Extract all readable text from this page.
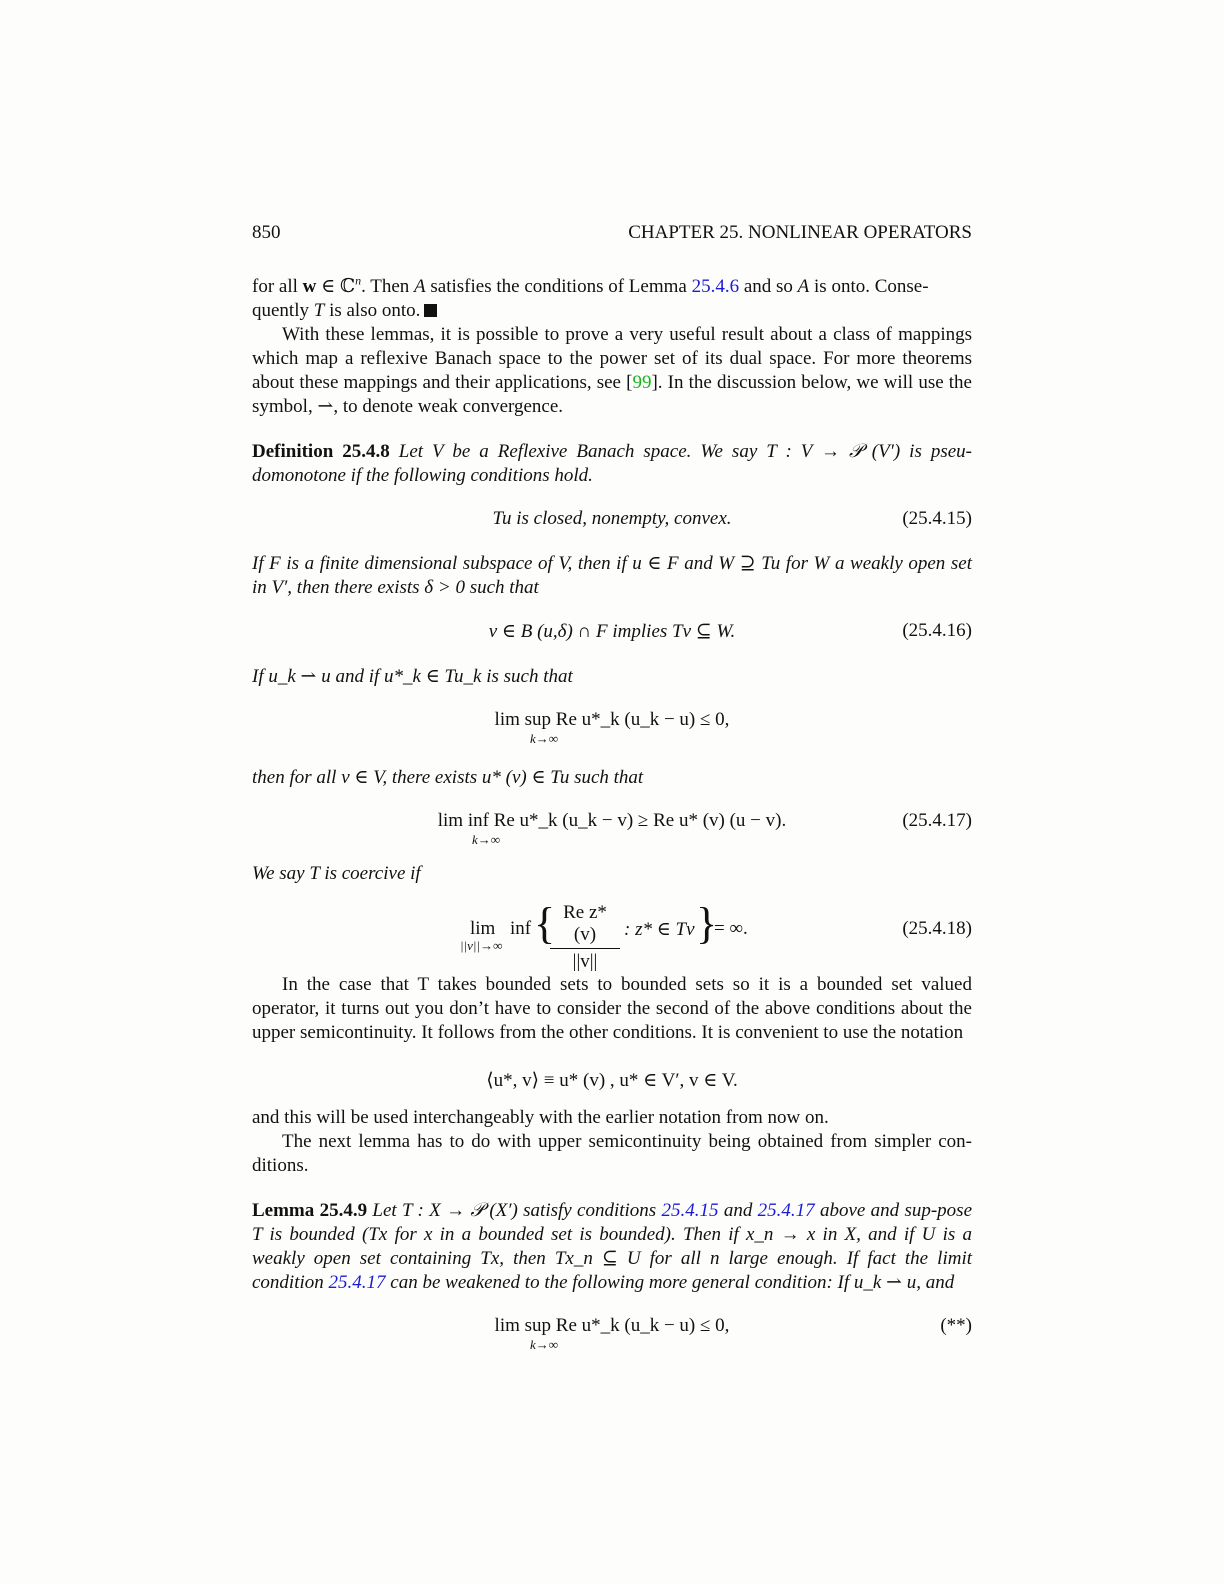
850	CHAPTER 25. NONLINEAR OPERATORS
for all w ∈ ℂ$^n$. Then A satisfies the conditions of Lemma 25.4.6 and so A is onto. Conse-
quently T is also onto.
With these lemmas, it is possible to prove a very useful result about a class of mappings which map a reflexive Banach space to the power set of its dual space. For more theorems about these mappings and their applications, see [99]. In the discussion below, we will use the symbol, ⇀, to denote weak convergence.
Definition 25.4.8 Let V be a Reflexive Banach space. We say T : V → 𝒫 (V′) is pseu-domonotone if the following conditions hold.
Tu is closed, nonempty, convex.	(25.4.15)
If F is a finite dimensional subspace of V, then if u ∈ F and W ⊇ Tu for W a weakly open set in V′, then there exists δ > 0 such that
v ∈ B (u,δ) ∩ F implies Tv ⊆ W.	(25.4.16)
If u_k ⇀ u and if u*_k ∈ Tu_k is such that
lim sup Re u*_k (u_k − u) ≤ 0,
k→∞
then for all v ∈ V, there exists u* (v) ∈ Tu such that
lim inf Re u*_k (u_k − v) ≥ Re u* (v) (u − v).
k→∞
(25.4.17)
We say T is coercive if
lim
||v||→∞
inf { Re z* (v)
||v||
: z* ∈ Tv }
= ∞.	(25.4.18)
In the case that T takes bounded sets to bounded sets so it is a bounded set valued operator, it turns out you don’t have to consider the second of the above conditions about the upper semicontinuity. It follows from the other conditions. It is convenient to use the notation
⟨u*, v⟩ ≡ u* (v) , u* ∈ V′, v ∈ V.
and this will be used interchangeably with the earlier notation from now on.
The next lemma has to do with upper semicontinuity being obtained from simpler con-ditions.
Lemma 25.4.9 Let T : X → 𝒫 (X′) satisfy conditions 25.4.15 and 25.4.17 above and sup-pose T is bounded (Tx for x in a bounded set is bounded). Then if x_n → x in X, and if U is a weakly open set containing Tx, then Tx_n ⊆ U for all n large enough. If fact the limit condition 25.4.17 can be weakened to the following more general condition: If u_k ⇀ u, and
lim sup Re u*_k (u_k − u) ≤ 0,
k→∞
(**)
